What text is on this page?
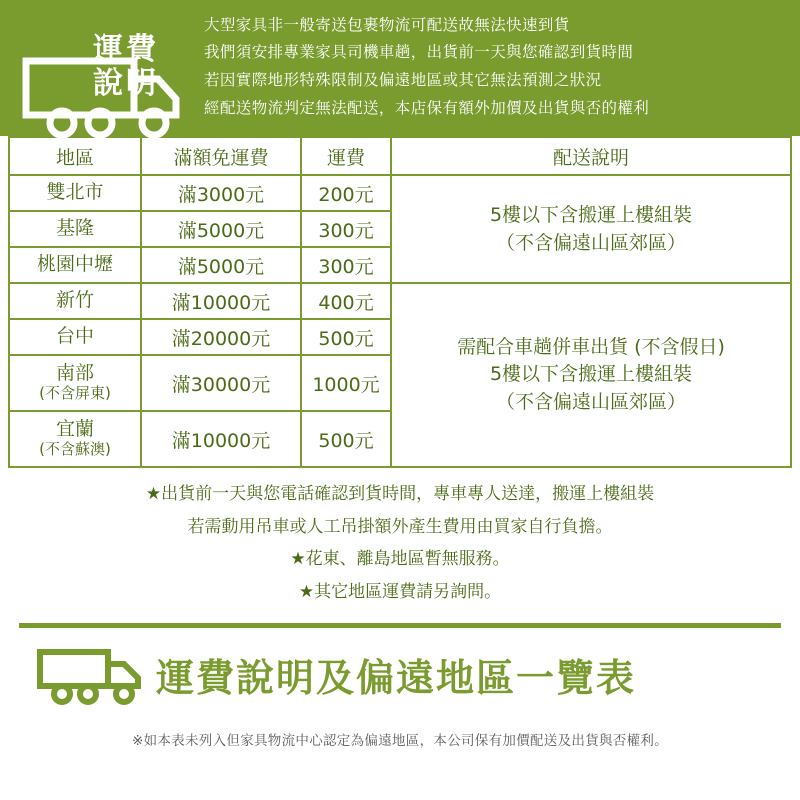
運費
說明
大型家具非一般寄送包裹物流可配送故無法快速到貨
我們須安排專業家具司機車趟，出貨前一天與您確認到貨時間
若因實際地形特殊限制及偏遠地區或其它無法預測之狀況
經配送物流判定無法配送，本店保有額外加價及出貨與否的權利
地區	滿額免運費	運費	配送說明
雙北市	滿3000元	200元	5樓以下含搬運上樓組裝
（不含偏遠山區郊區）

基隆	滿5000元	300元	
桃園中壢	滿5000元	300元	
新竹	滿10000元	400元	需配合車趟併車出貨 (不含假日)
5樓以下含搬運上樓組裝
（不含偏遠山區郊區）

台中	滿20000元	500元	
南部
(不含屏東)	滿30000元	1000元	
宜蘭
(不含蘇澳)	滿10000元	500元	
★出貨前一天與您電話確認到貨時間，專車專人送達，搬運上樓組裝
若需動用吊車或人工吊掛額外產生費用由買家自行負擔。
★花東、離島地區暫無服務。
★其它地區運費請另詢問。
運費說明及偏遠地區一覽表
※如本表未列入但家具物流中心認定為偏遠地區，本公司保有加價配送及出貨與否權利。
